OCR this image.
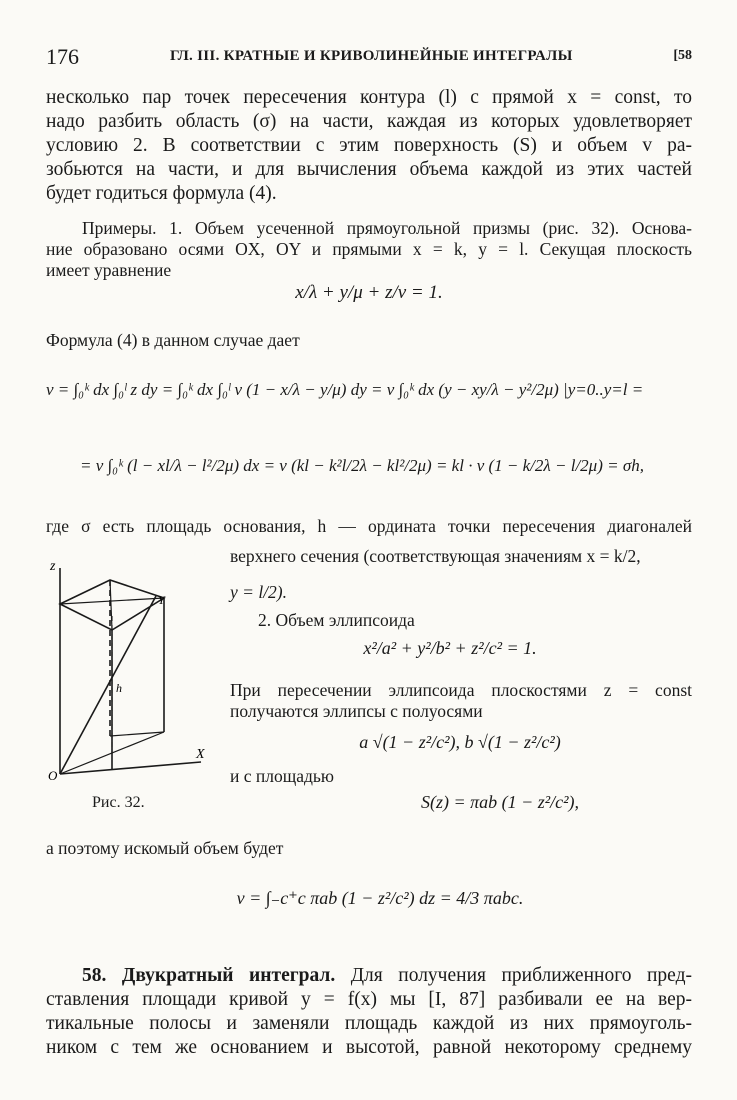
176	ГЛ. III. КРАТНЫЕ И КРИВОЛИНЕЙНЫЕ ИНТЕГРАЛЫ	[58
несколько пар точек пересечения контура (l) с прямой x = const, то
надо разбить область (σ) на части, каждая из которых удовлетворяет
условию 2. В соответствии с этим поверхность (S) и объем v ра-
зобьются на части, и для вычисления объема каждой из этих частей
будет годиться формула (4).
Примеры. 1. Объем усеченной прямоугольной призмы (рис. 32). Основа-
ние образовано осями OX, OY и прямыми x = k, y = l. Секущая плоскость
имеет уравнение
x/λ + y/μ + z/ν = 1.
Формула (4) в данном случае дает
v = ∫₀ᵏ dx ∫₀ˡ z dy = ∫₀ᵏ dx ∫₀ˡ ν (1 − x/λ − y/μ) dy = ν ∫₀ᵏ dx (y − xy/λ − y²/2μ) |y=0..y=l =
= ν ∫₀ᵏ (l − xl/λ − l²/2μ) dx = ν (kl − k²l/2λ − kl²/2μ) = kl · ν (1 − k/2λ − l/2μ) = σh,
где σ есть площадь основания, h — ордината точки пересечения диагоналей
верхнего сечения (соответствующая значениям x = k/2,
y = l/2).
z
Y
X
O
h
Рис. 32.
2. Объем эллипсоида
x²/a² + y²/b² + z²/c² = 1.
При пересечении эллипсоида плоскостями z = const
получаются эллипсы с полуосями
a √(1 − z²/c²), b √(1 − z²/c²)
и с площадью
S(z) = πab (1 − z²/c²),
а поэтому искомый объем будет
v = ∫₋c⁺c πab (1 − z²/c²) dz = 4/3 πabc.
58. Двукратный интеграл. Для получения приближенного пред-
ставления площади кривой y = f(x) мы [I, 87] разбивали ее на вер-
тикальные полосы и заменяли площадь каждой из них прямоуголь-
ником с тем же основанием и высотой, равной некоторому среднему
